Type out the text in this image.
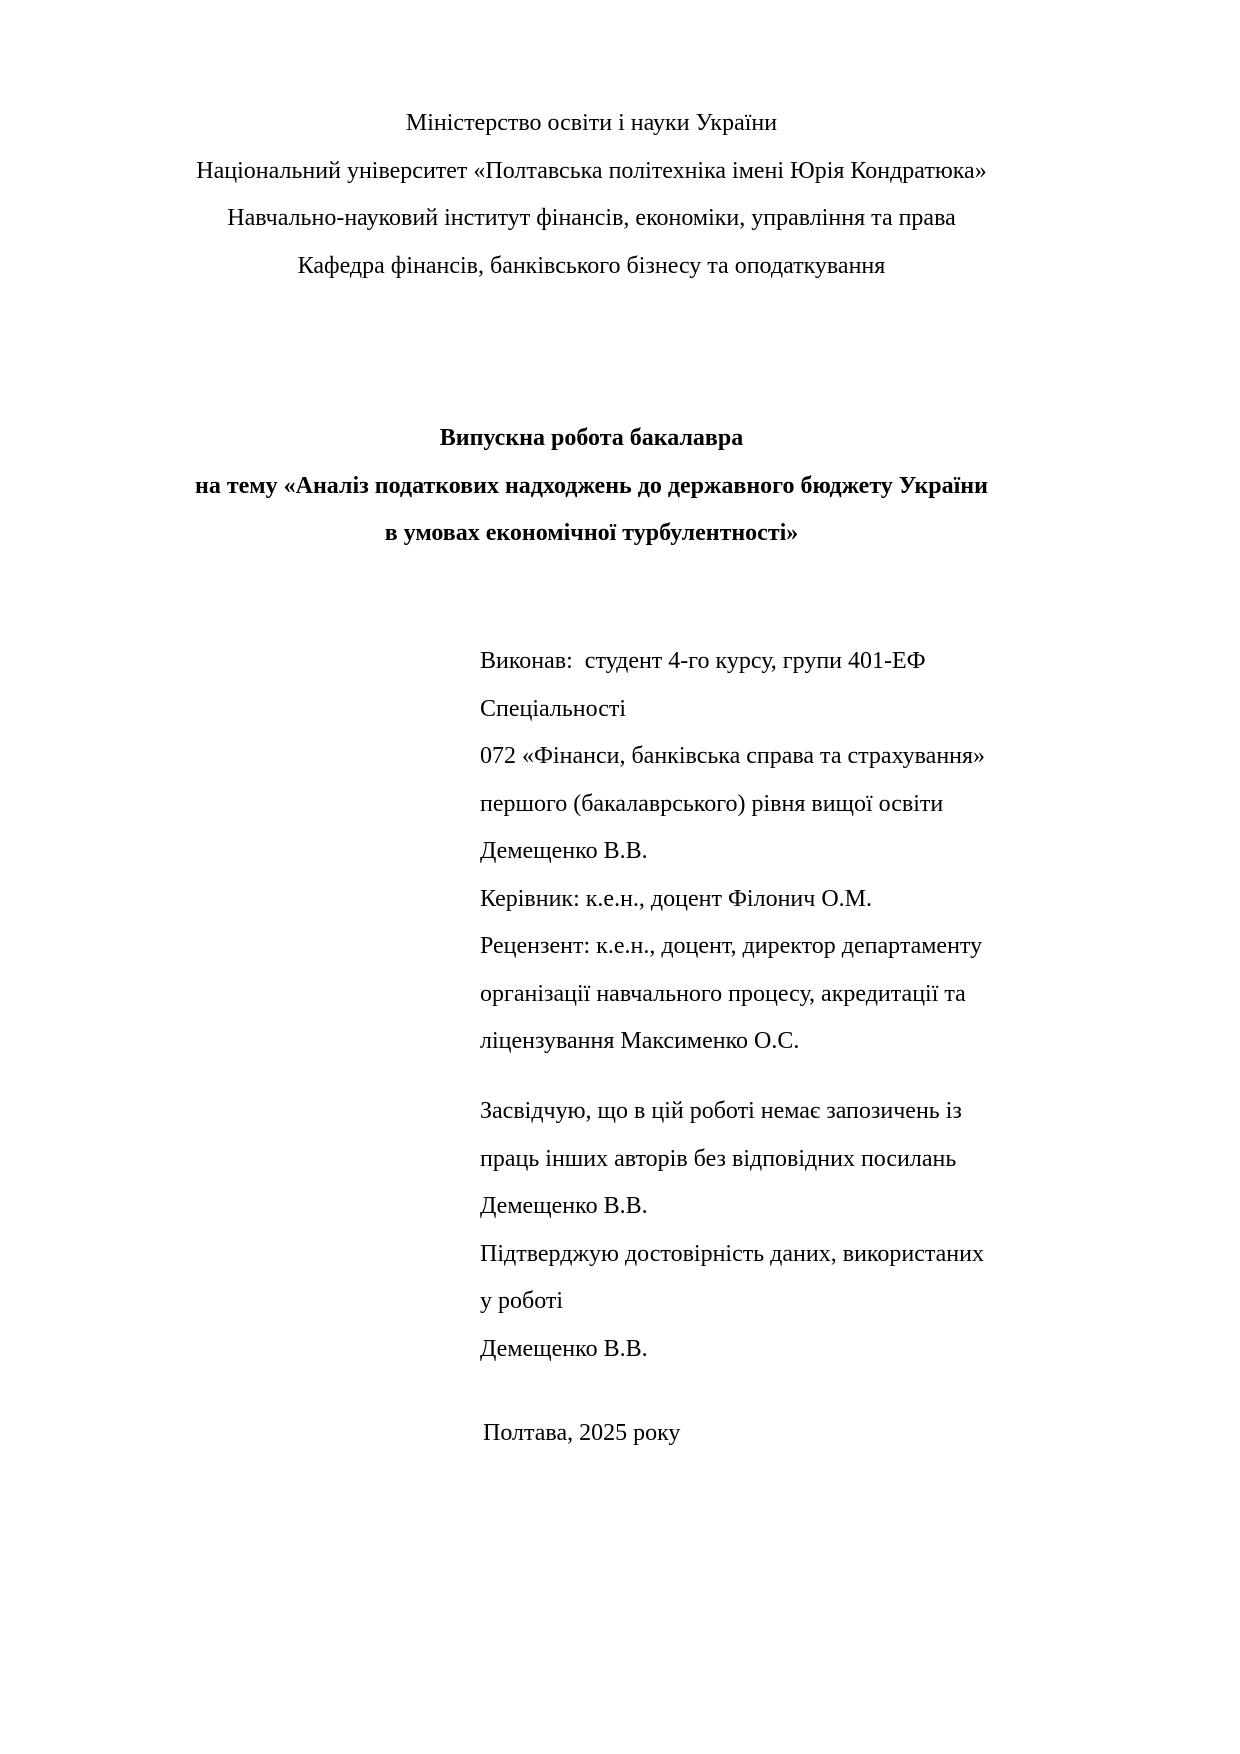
Міністерство освіти і науки України
Національний університет «Полтавська політехніка імені Юрія Кондратюка»
Навчально-науковий інститут фінансів, економіки, управління та права
Кафедра фінансів, банківського бізнесу та оподаткування
Випускна робота бакалавра
на тему «Аналіз податкових надходжень до державного бюджету України
в умовах економічної турбулентності»
Виконав:  студент 4-го курсу, групи 401-ЕФ
Спеціальності
072 «Фінанси, банківська справа та страхування»
першого (бакалаврського) рівня вищої освіти
Демещенко В.В.
Керівник: к.е.н., доцент Філонич О.М.
Рецензент: к.е.н., доцент, директор департаменту
організації навчального процесу, акредитації та
ліцензування Максименко О.С.
Засвідчую, що в цій роботі немає запозичень із
праць інших авторів без відповідних посилань
Демещенко В.В.
Підтверджую достовірність даних, використаних
у роботі
Демещенко В.В.
Полтава, 2025 року
